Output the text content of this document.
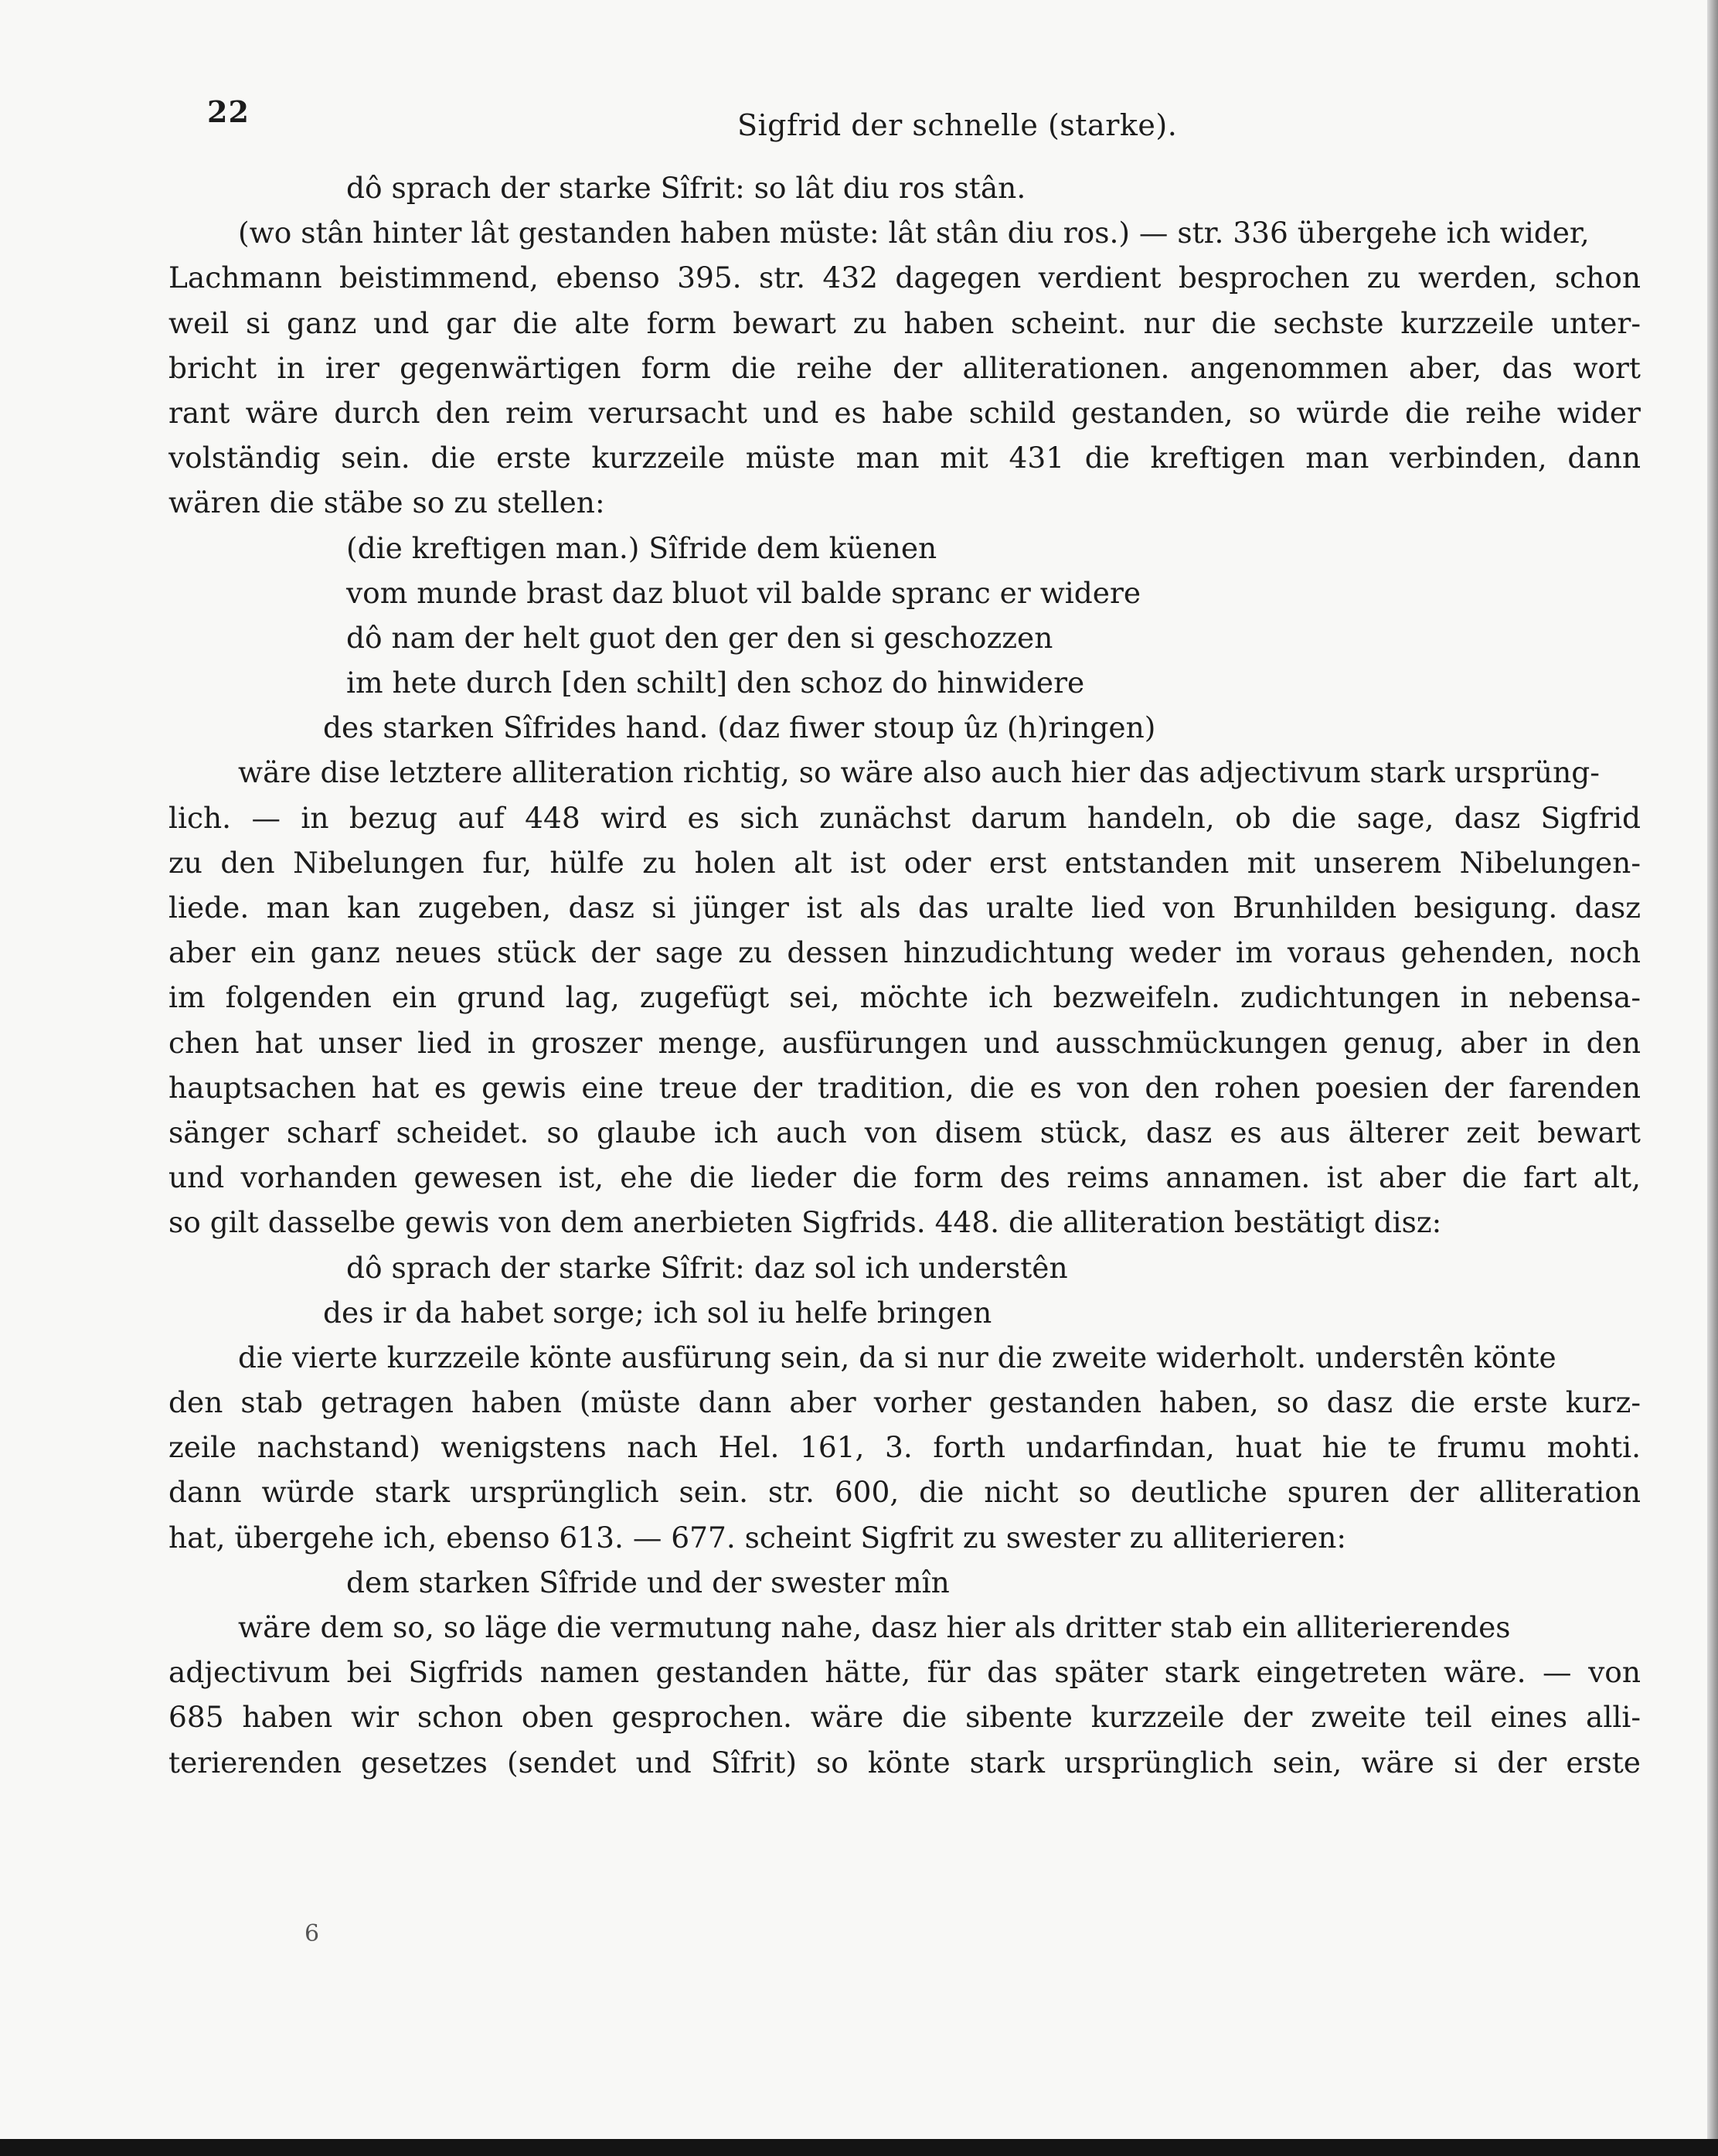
22	Sigfrid der schnelle (starke).
dô sprach der starke Sîfrit: so lât diu ros stân.
(wo stân hinter lât gestanden haben müste: lât stân diu ros.) — str. 336 übergehe ich wider,
Lachmann beistimmend, ebenso 395. str. 432 dagegen verdient besprochen zu werden, schon
weil si ganz und gar die alte form bewart zu haben scheint. nur die sechste kurzzeile unter-
bricht in irer gegenwärtigen form die reihe der alliterationen. angenommen aber, das wort
rant wäre durch den reim verursacht und es habe schild gestanden, so würde die reihe wider
volständig sein. die erste kurzzeile müste man mit 431 die kreftigen man verbinden, dann
wären die stäbe so zu stellen:
(die kreftigen man.) Sîfride dem küenen
vom munde brast daz bluot vil balde spranc er widere
dô nam der helt guot den ger den si geschozzen
im hete durch [den schilt] den schoz do hinwidere
des starken Sîfrides hand. (daz fiwer stoup ûz (h)ringen)
wäre dise letztere alliteration richtig, so wäre also auch hier das adjectivum stark ursprüng-
lich. — in bezug auf 448 wird es sich zunächst darum handeln, ob die sage, dasz Sigfrid
zu den Nibelungen fur, hülfe zu holen alt ist oder erst entstanden mit unserem Nibelungen-
liede. man kan zugeben, dasz si jünger ist als das uralte lied von Brunhilden besigung. dasz
aber ein ganz neues stück der sage zu dessen hinzudichtung weder im voraus gehenden, noch
im folgenden ein grund lag, zugefügt sei, möchte ich bezweifeln. zudichtungen in nebensa-
chen hat unser lied in groszer menge, ausfürungen und ausschmückungen genug, aber in den
hauptsachen hat es gewis eine treue der tradition, die es von den rohen poesien der farenden
sänger scharf scheidet. so glaube ich auch von disem stück, dasz es aus älterer zeit bewart
und vorhanden gewesen ist, ehe die lieder die form des reims annamen. ist aber die fart alt,
so gilt dasselbe gewis von dem anerbieten Sigfrids. 448. die alliteration bestätigt disz:
dô sprach der starke Sîfrit: daz sol ich understên
des ir da habet sorge; ich sol iu helfe bringen
die vierte kurzzeile könte ausfürung sein, da si nur die zweite widerholt. understên könte
den stab getragen haben (müste dann aber vorher gestanden haben, so dasz die erste kurz-
zeile nachstand) wenigstens nach Hel. 161, 3. forth undarfindan, huat hie te frumu mohti.
dann würde stark ursprünglich sein. str. 600, die nicht so deutliche spuren der alliteration
hat, übergehe ich, ebenso 613. — 677. scheint Sigfrit zu swester zu alliterieren:
dem starken Sîfride und der swester mîn
wäre dem so, so läge die vermutung nahe, dasz hier als dritter stab ein alliterierendes
adjectivum bei Sigfrids namen gestanden hätte, für das später stark eingetreten wäre. — von
685 haben wir schon oben gesprochen. wäre die sibente kurzzeile der zweite teil eines alli-
terierenden gesetzes (sendet und Sîfrit) so könte stark ursprünglich sein, wäre si der erste
6
